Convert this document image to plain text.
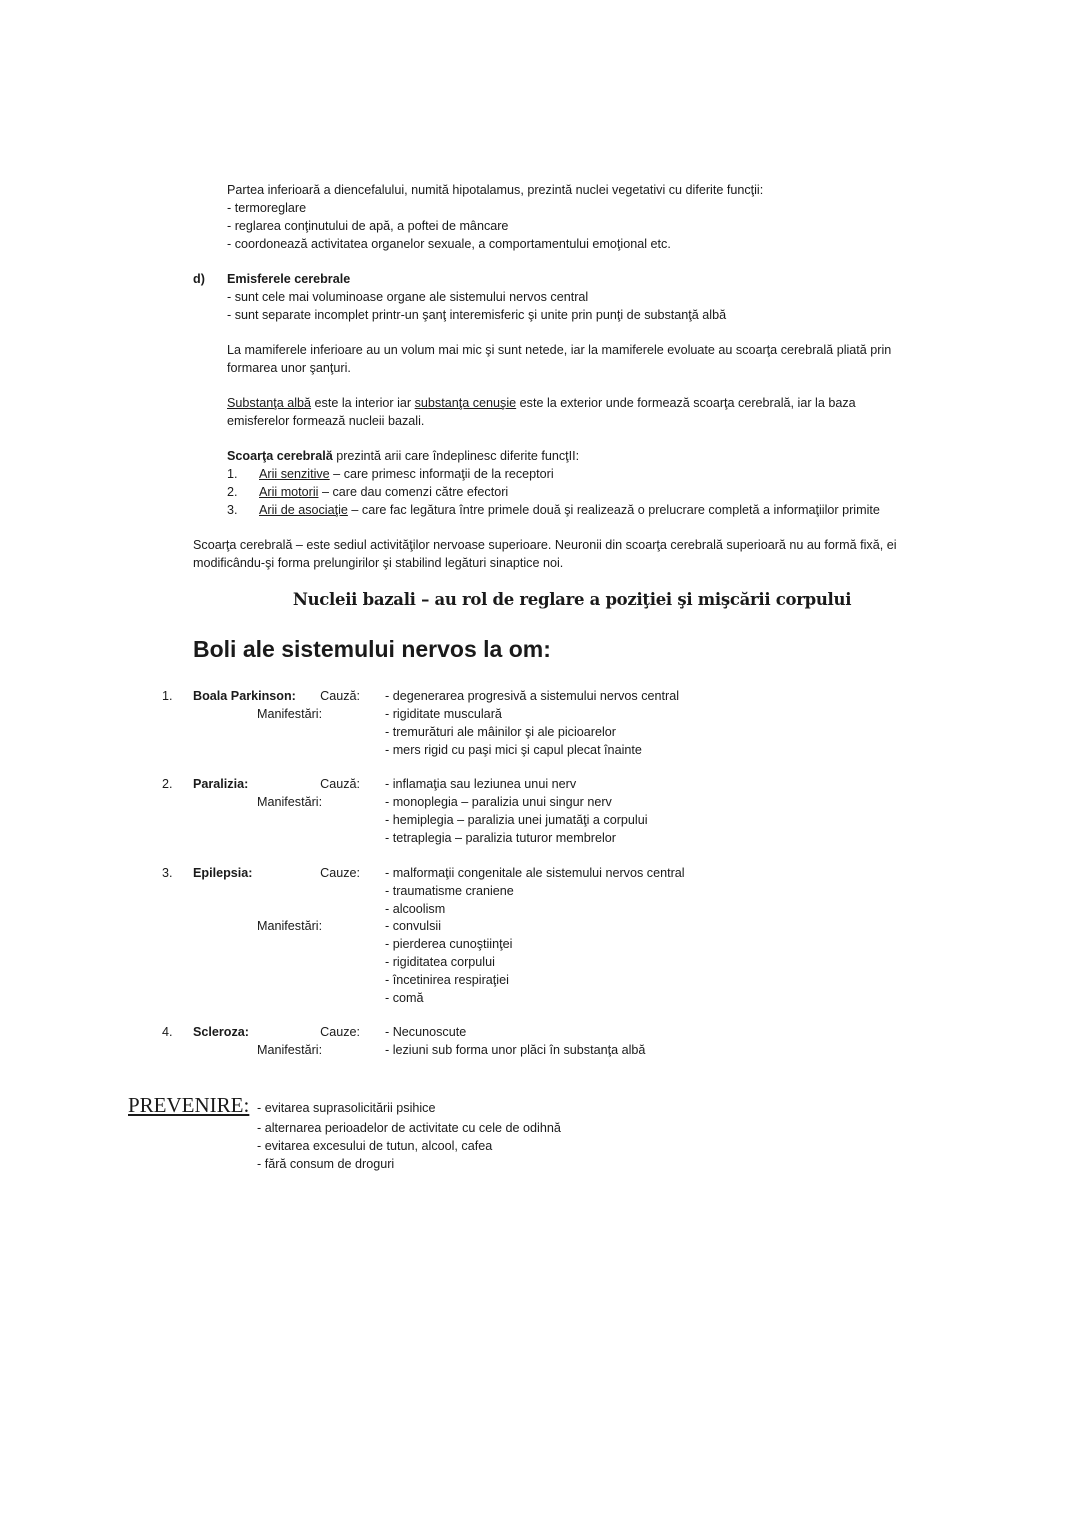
Partea inferioară a diencefalului, numită hipotalamus, prezintă nuclei vegetativi cu diferite funcţii:
- termoreglare
- reglarea conţinutului de apă, a poftei de mâncare
- coordonează activitatea organelor sexuale, a comportamentului emoţional etc.
d) Emisferele cerebrale
- sunt cele mai voluminoase organe ale sistemului nervos central
- sunt separate incomplet printr-un şanţ interemisferic şi unite prin punţi de substanţă albă
La mamiferele inferioare au un volum mai mic şi sunt netede, iar la mamiferele evoluate au scoarţa cerebrală pliată prin
formarea unor şanţuri.
Substanţa albă este la interior iar substanţa cenuşie este la exterior unde formează scoarţa cerebrală, iar la baza
emisferelor formează nucleii bazali.
Scoarţa cerebrală prezintă arii care îndeplinesc diferite funcţII:
Scoarţa cerebrală – este sediul activităţilor nervoase superioare. Neuronii din scoarţa cerebrală superioară nu au formă fixă, ei
modificându-şi forma prelungirilor şi stabilind legături sinaptice noi.
Nucleii bazali – au rol de reglare a poziţiei şi mişcării corpului
Boli ale sistemului nervos la om:
PREVENIRE: - evitarea suprasolicitării psihice
- alternarea perioadelor de activitate cu cele de odihnă
- evitarea excesului de tutun, alcool, cafea
- fără consum de droguri
1. Arii senzitive – care primesc informaţii de la receptori
2. Arii motorii – care dau comenzi către efectori
3. Arii de asociaţie – care fac legătura între primele două şi realizează o prelucrare completă a informaţiilor primite
1. Boala Parkinson:	Cauză: - degenerarea progresivă a sistemului nervos central
Manifestări:	- rigiditate musculară
- tremurături ale mâinilor şi ale picioarelor
- mers rigid cu paşi mici şi capul plecat înainte
2. Paralizia:	Cauză: - inflamaţia sau leziunea unui nerv
Manifestări:	- monoplegia – paralizia unui singur nerv
- hemiplegia – paralizia unei jumatăţi a corpului
- tetraplegia – paralizia tuturor membrelor
3. Epilepsia:	Cauze: - malformaţii congenitale ale sistemului nervos central
- traumatisme craniene
- alcoolism
Manifestări:	- convulsii
- pierderea cunoştiinţei
- rigiditatea corpului
- încetinirea respiraţiei
- comă
4. Scleroza:	Cauze: - Necunoscute
Manifestări:	- leziuni sub forma unor plăci în substanţa albă
